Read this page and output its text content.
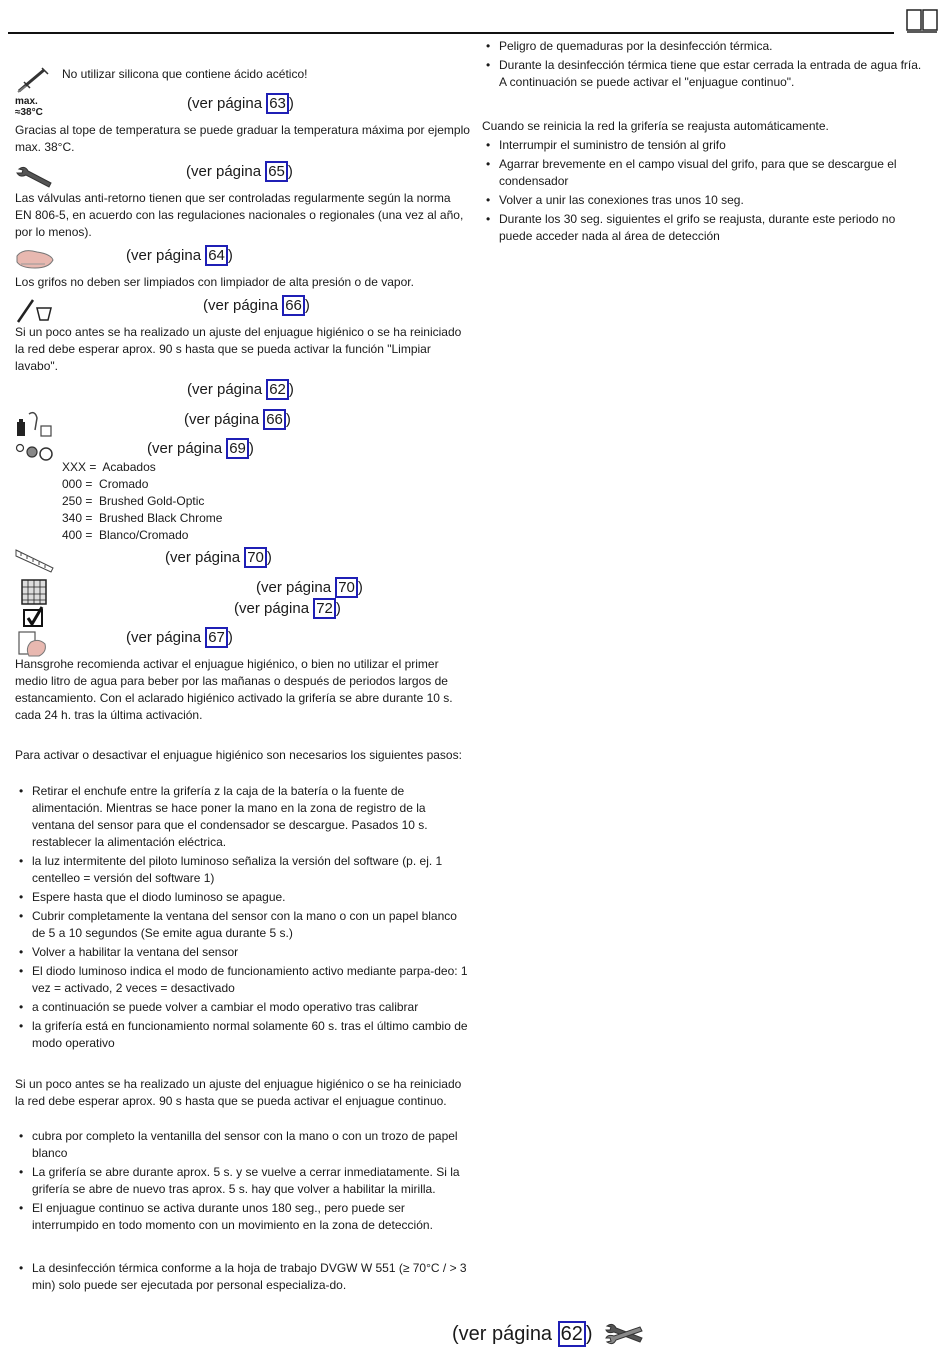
No utilizar silicona que contiene ácido acético!

max.
≈38°C
(ver página 63 )

Gracias al tope de temperatura se puede graduar la temperatura máxima por ejemplo max. 38°C.

(ver página 65 )

Las válvulas anti-retorno tienen que ser controladas regularmente según la norma EN 806-5, en acuerdo con las regulaciones nacionales o regionales (una vez al año, por lo menos).

(ver página 64 )

Los grifos no deben ser limpiados con limpiador de alta presión o de vapor.

(ver página 66 )

Si un poco antes se ha realizado un ajuste del enjuague higiénico o se ha reiniciado la red debe esperar aprox. 90 s hasta que se pueda activar la función "Limpiar lavabo".

(ver página 62 )
(ver página 66 )
(ver página 69 )
XXX =  Acabados
000 =  Cromado
250 =  Brushed Gold-Optic
340 =  Brushed Black Chrome
400 =  Blanco/Cromado
(ver página 70 )
(ver página 70 )
(ver página 72 )
(ver página 67 )

Hansgrohe recomienda activar el enjuague higiénico, o bien no utilizar el primer medio litro de agua para beber por las mañanas o después de periodos largos de estancamiento. Con el aclarado higiénico activado la grifería se abre durante 10 s. cada 24 h. tras la última activación.

Para activar o desactivar el enjuague higiénico son necesarios los siguientes pasos:

• Retirar el enchufe entre la grifería z la caja de la batería o la fuente de alimentación. Mientras se hace poner la mano en la zona de registro de la ventana del sensor para que el condensador se descargue. Pasados 10 s. restablecer la alimentación eléctrica.
• la luz intermitente del piloto luminoso señaliza la versión del software (p. ej. 1 centelleo = versión del software 1)
• Espere hasta que el diodo luminoso se apague.
• Cubrir completamente la ventana del sensor con la mano o con un papel blanco de 5 a 10 segundos (Se emite agua durante 5 s.)
• Volver a habilitar la ventana del sensor
• El diodo luminoso indica el modo de funcionamiento activo mediante parpa-deo: 1 vez = activado, 2 veces = desactivado
• a continuación se puede volver a cambiar el modo operativo tras calibrar
• la grifería está en funcionamiento normal solamente 60 s. tras el último cambio de modo operativo

Si un poco antes se ha realizado un ajuste del enjuague higiénico o se ha reiniciado la red debe esperar aprox. 90 s hasta que se pueda activar el enjuague continuo.

• cubra por completo la ventanilla del sensor con la mano o con un trozo de papel blanco
• La grifería se abre durante aprox. 5 s. y se vuelve a cerrar inmediatamente. Si la grifería se abre de nuevo tras aprox. 5 s. hay que volver a habilitar la mirilla.
• El enjuague continuo se activa durante unos 180 seg., pero puede ser interrumpido en todo momento con un movimiento en la zona de detección.
• La desinfección térmica conforme a la hoja de trabajo DVGW W 551 (≥ 70°C / > 3 min) solo puede ser ejecutada por personal especializa-do.
• Peligro de quemaduras por la desinfección térmica.
• Durante la desinfección térmica tiene que estar cerrada la entrada de agua fría. A continuación se puede activar el "enjuague continuo".

Cuando se reinicia la red la grifería se reajusta automáticamente.

• Interrumpir el suministro de tensión al grifo
• Agarrar brevemente en el campo visual del grifo, para que se descargue el condensador
• Volver a unir las conexiones tras unos 10 seg.
• Durante los 30 seg. siguientes el grifo se reajusta, durante este periodo no puede acceder nada al área de detección
(ver página 62 )
